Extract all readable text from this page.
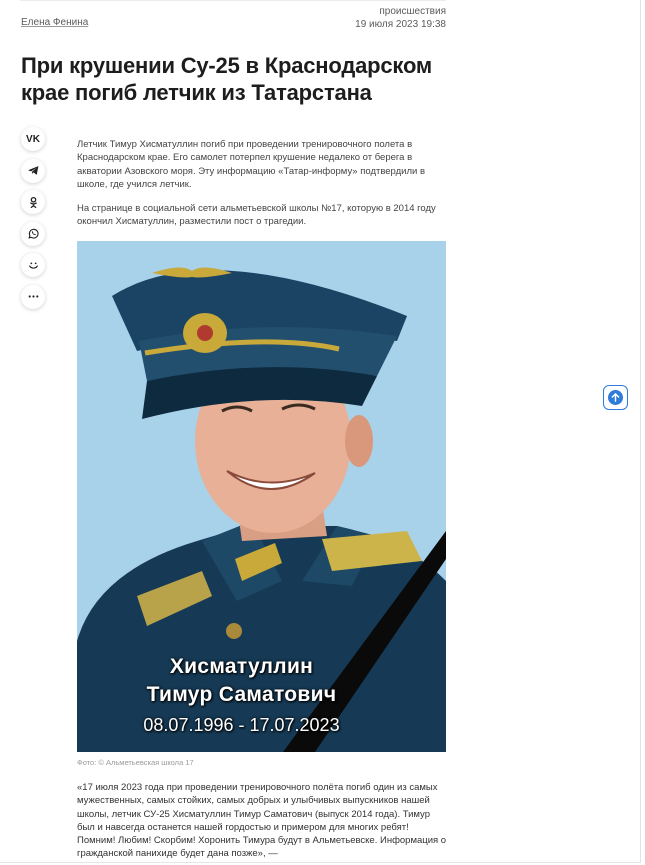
Елена Фенина
происшествия
19 июля 2023 19:38
При крушении Су-25 в Краснодарском крае погиб летчик из Татарстана
VK	Летчик Тимур Хисматуллин погиб при проведении тренировочного полета в Краснодарском крае. Его самолет потерпел крушение недалеко от берега в акватории Азовского моря. Эту информацию «Татар-информу» подтвердили в школе, где учился летчик.

На странице в социальной сети альметьевской школы №17, которую в 2014 году окончил Хисматуллин, разместили пост о трагедии.

Хисматуллин
Тимур Саматович
08.07.1996 - 17.07.2023
Фото: © Альметьевская школа 17

«17 июля 2023 года при проведении тренировочного полёта погиб один из самых мужественных, самых стойких, самых добрых и улыбчивых выпускников нашей школы, летчик СУ-25 Хисматуллин Тимур Саматович (выпуск 2014 года). Тимур был и навсегда останется нашей гордостью и примером для многих ребят! Помним! Любим! Скорбим! Хоронить Тимура будут в Альметьевске. Информация о гражданской панихиде будет дана позже», —
